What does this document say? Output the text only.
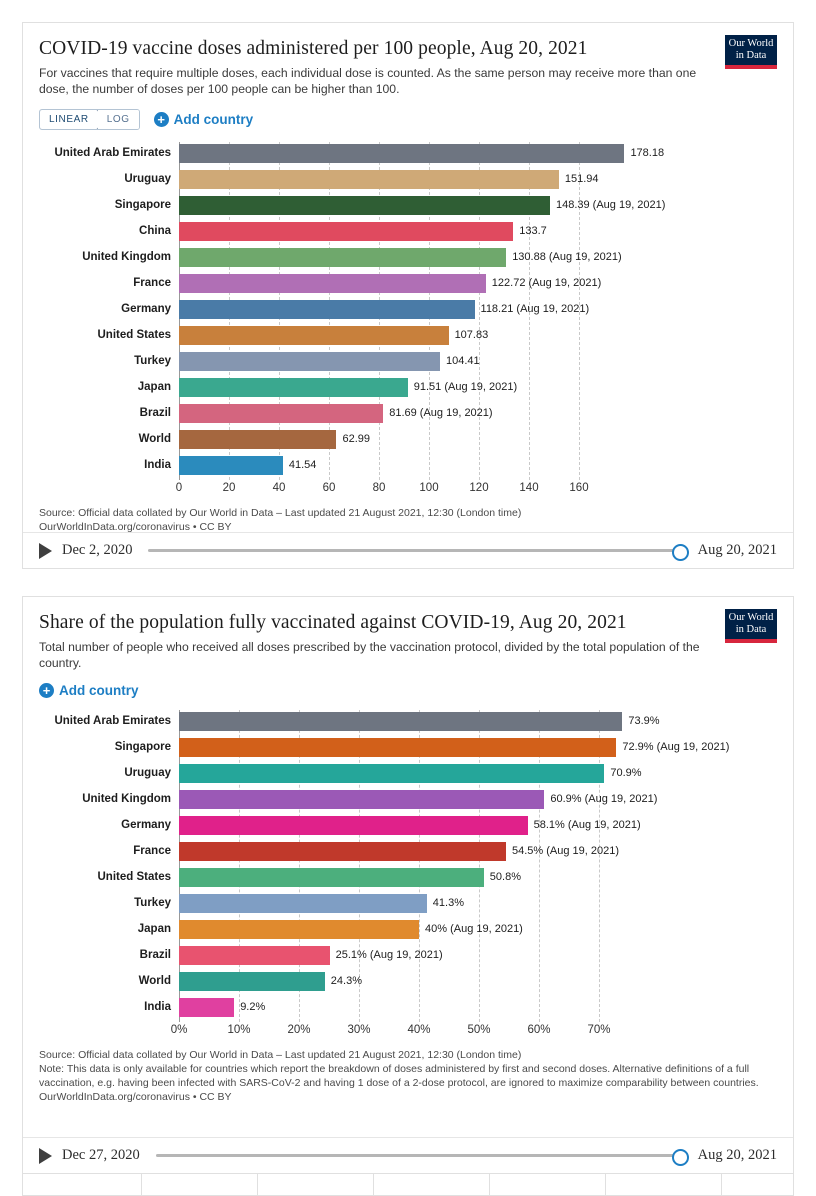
Our World
in Data
COVID-19 vaccine doses administered per 100 people, Aug 20, 2021
For vaccines that require multiple doses, each individual dose is counted. As the same person may receive more than one dose, the number of doses per 100 people can be higher than 100.
LINEAR	LOG	+ Add country
United Arab Emirates	178.18
Uruguay	151.94
Singapore	148.39 (Aug 19, 2021)
China	133.7
United Kingdom	130.88 (Aug 19, 2021)
France	122.72 (Aug 19, 2021)
Germany	118.21 (Aug 19, 2021)
United States	107.83
Turkey	104.41
Japan	91.51 (Aug 19, 2021)
Brazil	81.69 (Aug 19, 2021)
World	62.99
India	41.54
0	20	40	60	80	100	120	140	160
Source: Official data collated by Our World in Data – Last updated 21 August 2021, 12:30 (London time)
OurWorldInData.org/coronavirus • CC BY
Dec 2, 2020	Aug 20, 2021
Our World
in Data
Share of the population fully vaccinated against COVID-19, Aug 20, 2021
Total number of people who received all doses prescribed by the vaccination protocol, divided by the total population of the country.
+ Add country
United Arab Emirates	73.9%
Singapore	72.9% (Aug 19, 2021)
Uruguay	70.9%
United Kingdom	60.9% (Aug 19, 2021)
Germany	58.1% (Aug 19, 2021)
France	54.5% (Aug 19, 2021)
United States	50.8%
Turkey	41.3%
Japan	40% (Aug 19, 2021)
Brazil	25.1% (Aug 19, 2021)
World	24.3%
India	9.2%
0%	10%	20%	30%	40%	50%	60%	70%
Source: Official data collated by Our World in Data – Last updated 21 August 2021, 12:30 (London time)
Note: This data is only available for countries which report the breakdown of doses administered by first and second doses. Alternative definitions of a full vaccination, e.g. having been infected with SARS-CoV-2 and having 1 dose of a 2-dose protocol, are ignored to maximize comparability between countries.
OurWorldInData.org/coronavirus • CC BY
Dec 27, 2020	Aug 20, 2021
